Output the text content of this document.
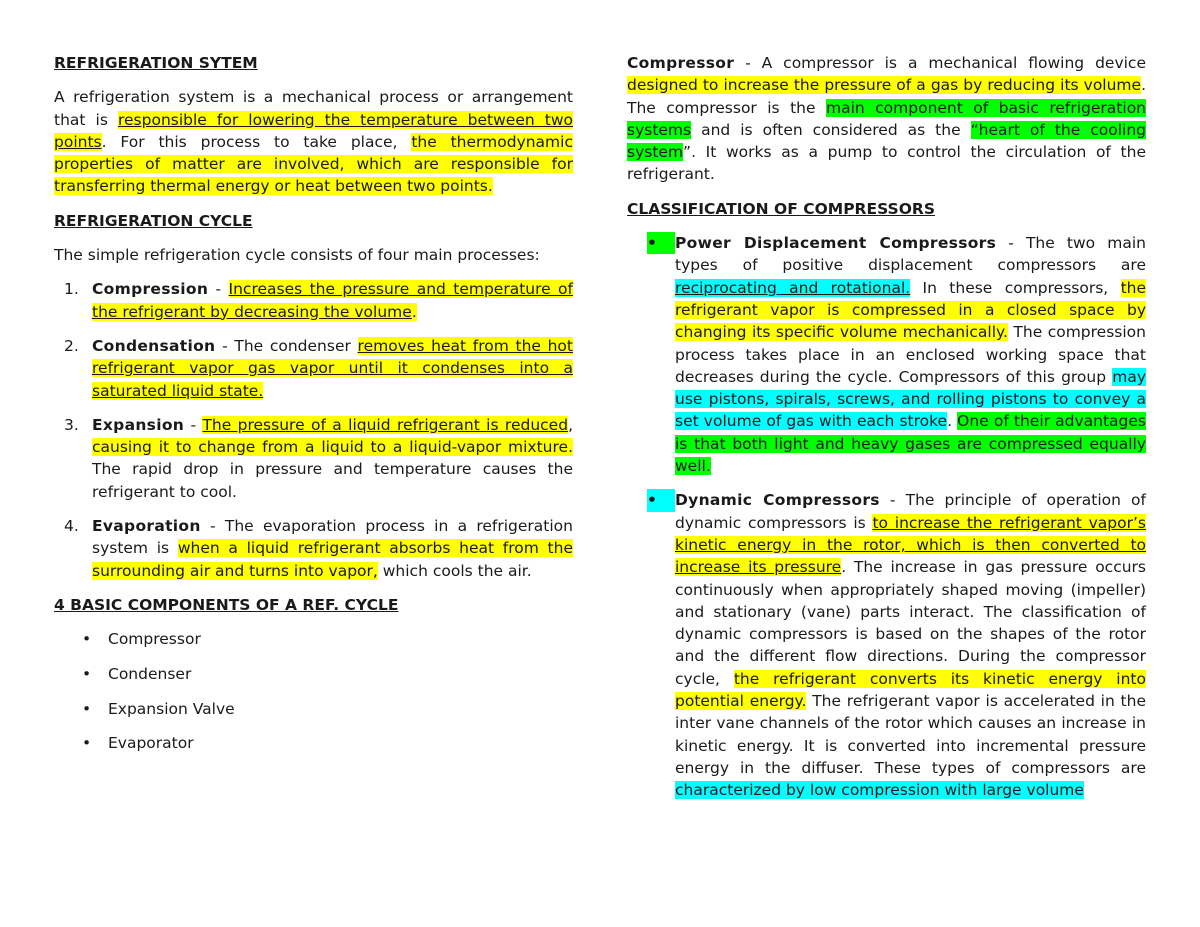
REFRIGERATION SYTEM

A refrigeration system is a mechanical process or arrangement that is responsible for lowering the temperature between two points. For this process to take place, the thermodynamic properties of matter are involved, which are responsible for transferring thermal energy or heat between two points.

REFRIGERATION CYCLE

The simple refrigeration cycle consists of four main processes:

1. Compression - Increases the pressure and temperature of the refrigerant by decreasing the volume.
2. Condensation - The condenser removes heat from the hot refrigerant vapor gas vapor until it condenses into a saturated liquid state.
3. Expansion - The pressure of a liquid refrigerant is reduced, causing it to change from a liquid to a liquid-vapor mixture. The rapid drop in pressure and temperature causes the refrigerant to cool.
4. Evaporation - The evaporation process in a refrigeration system is when a liquid refrigerant absorbs heat from the surrounding air and turns into vapor, which cools the air.

4 BASIC COMPONENTS OF A REF. CYCLE

• Compressor
• Condenser
• Expansion Valve
• Evaporator

Compressor - A compressor is a mechanical flowing device designed to increase the pressure of a gas by reducing its volume. The compressor is the main component of basic refrigeration systems and is often considered as the “heart of the cooling system”. It works as a pump to control the circulation of the refrigerant.

CLASSIFICATION OF COMPRESSORS

•	Power Displacement Compressors - The two main types of positive displacement compressors are reciprocating and rotational. In these compressors, the refrigerant vapor is compressed in a closed space by changing its specific volume mechanically. The compression process takes place in an enclosed working space that decreases during the cycle. Compressors of this group may use pistons, spirals, screws, and rolling pistons to convey a set volume of gas with each stroke. One of their advantages is that both light and heavy gases are compressed equally well.
•	Dynamic Compressors - The principle of operation of dynamic compressors is to increase the refrigerant vapor’s kinetic energy in the rotor, which is then converted to increase its pressure. The increase in gas pressure occurs continuously when appropriately shaped moving (impeller) and stationary (vane) parts interact. The classification of dynamic compressors is based on the shapes of the rotor and the different flow directions. During the compressor cycle, the refrigerant converts its kinetic energy into potential energy. The refrigerant vapor is accelerated in the inter vane channels of the rotor which causes an increase in kinetic energy. It is converted into incremental pressure energy in the diffuser. These types of compressors are characterized by low compression with large volume
